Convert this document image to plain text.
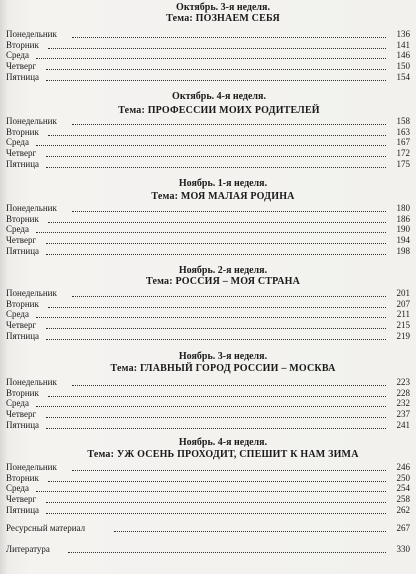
Октябрь. 3-я неделя.
Тема: ПОЗНАЕМ СЕБЯ

Понедельник	136
Вторник	141
Среда	146
Четверг	150
Пятница	154

Октябрь. 4-я неделя.
Тема: ПРОФЕССИИ МОИХ РОДИТЕЛЕЙ

Понедельник	158
Вторник	163
Среда	167
Четверг	172
Пятница	175

Ноябрь. 1-я неделя.
Тема: МОЯ МАЛАЯ РОДИНА

Понедельник	180
Вторник	186
Среда	190
Четверг	194
Пятница	198

Ноябрь. 2-я неделя.
Тема: РОССИЯ – МОЯ СТРАНА

Понедельник	201
Вторник	207
Среда	211
Четверг	215
Пятница	219

Ноябрь. 3-я неделя.
Тема: ГЛАВНЫЙ ГОРОД РОССИИ – МОСКВА

Понедельник	223
Вторник	228
Среда	232
Четверг	237
Пятница	241

Ноябрь. 4-я неделя.
Тема: УЖ ОСЕНЬ ПРОХОДИТ, СПЕШИТ К НАМ ЗИМА

Понедельник	246
Вторник	250
Среда	254
Четверг	258
Пятница	262
Ресурсный материал	267
Литература	330
